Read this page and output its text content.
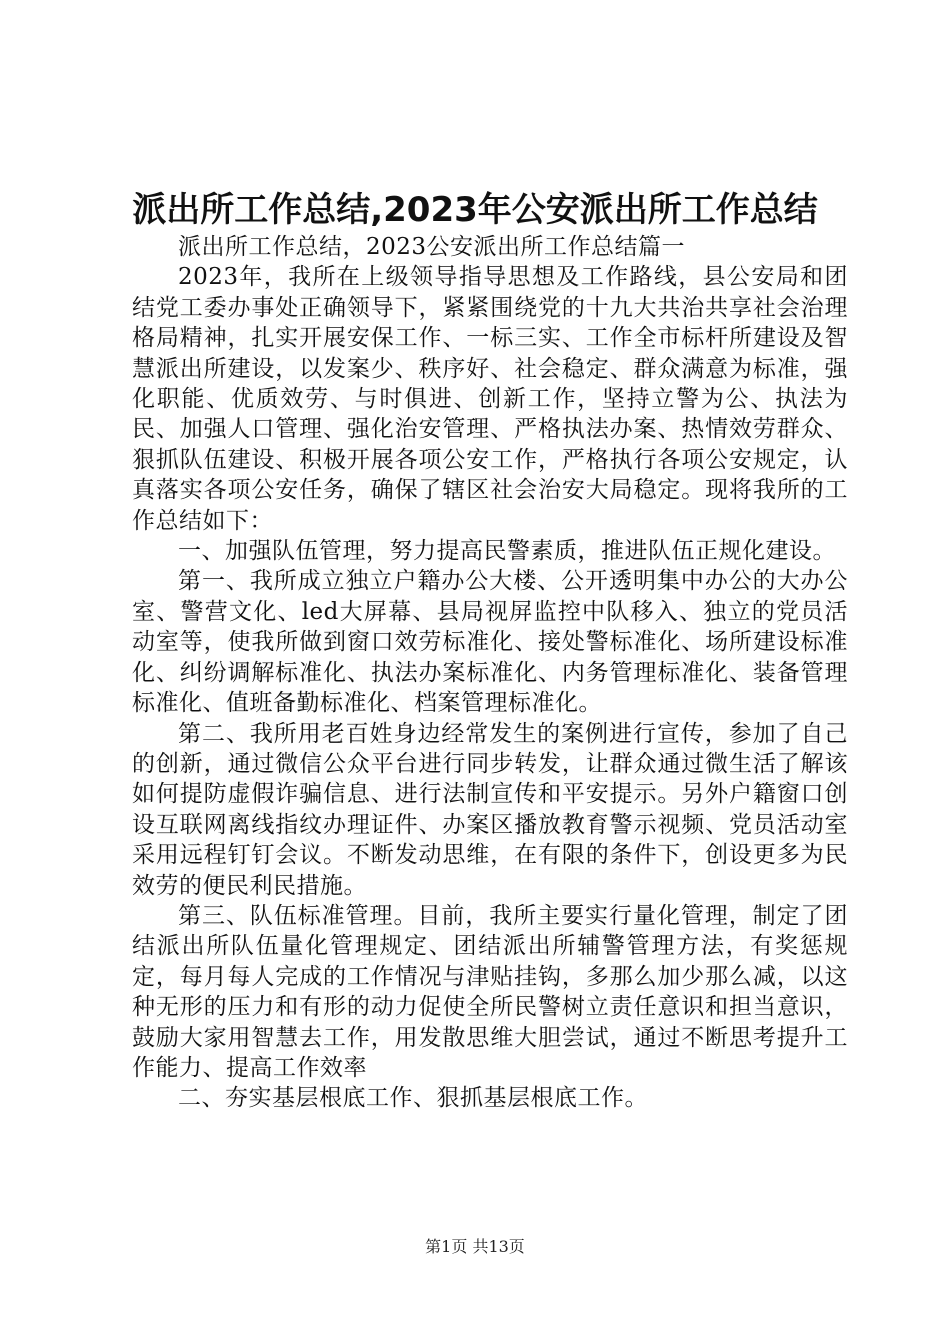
派出所工作总结,2023年公安派出所工作总结

派出所工作总结，2023公安派出所工作总结篇一

2023年，我所在上级领导指导思想及工作路线，县公安局和团结党工委办事处正确领导下，紧紧围绕党的十九大共治共享社会治理格局精神，扎实开展安保工作、一标三实、工作全市标杆所建设及智慧派出所建设，以发案少、秩序好、社会稳定、群众满意为标准，强化职能、优质效劳、与时俱进、创新工作，坚持立警为公、执法为民、加强人口管理、强化治安管理、严格执法办案、热情效劳群众、狠抓队伍建设、积极开展各项公安工作，严格执行各项公安规定，认真落实各项公安任务，确保了辖区社会治安大局稳定。现将我所的工作总结如下：

一、加强队伍管理，努力提高民警素质，推进队伍正规化建设。

第一、我所成立独立户籍办公大楼、公开透明集中办公的大办公室、警营文化、led大屏幕、县局视屏监控中队移入、独立的党员活动室等，使我所做到窗口效劳标准化、接处警标准化、场所建设标准化、纠纷调解标准化、执法办案标准化、内务管理标准化、装备管理标准化、值班备勤标准化、档案管理标准化。

第二、我所用老百姓身边经常发生的案例进行宣传，参加了自己的创新，通过微信公众平台进行同步转发，让群众通过微生活了解该如何提防虚假诈骗信息、进行法制宣传和平安提示。另外户籍窗口创设互联网离线指纹办理证件、办案区播放教育警示视频、党员活动室采用远程钉钉会议。不断发动思维，在有限的条件下，创设更多为民效劳的便民利民措施。

第三、队伍标准管理。目前，我所主要实行量化管理，制定了团结派出所队伍量化管理规定、团结派出所辅警管理方法，有奖惩规定，每月每人完成的工作情况与津贴挂钩，多那么加少那么减，以这种无形的压力和有形的动力促使全所民警树立责任意识和担当意识，鼓励大家用智慧去工作，用发散思维大胆尝试，通过不断思考提升工作能力、提高工作效率

二、夯实基层根底工作、狠抓基层根底工作。

第1页 共13页
